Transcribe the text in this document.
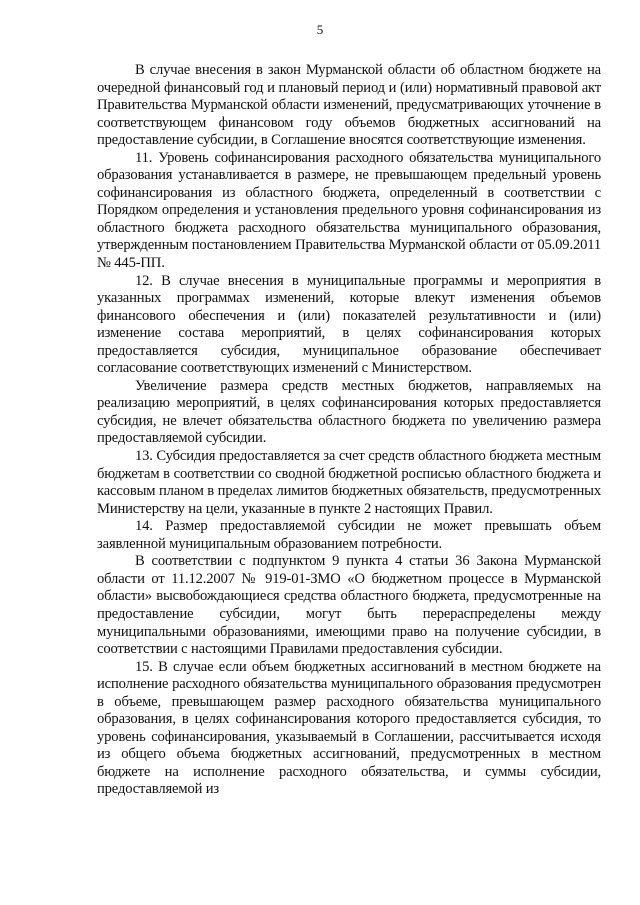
5

В случае внесения в закон Мурманской области об областном бюджете на очередной финансовый год и плановый период и (или) нормативный правовой акт Правительства Мурманской области изменений, предусматривающих уточнение в соответствующем финансовом году объемов бюджетных ассигнований на предоставление субсидии, в Соглашение вносятся соответствующие изменения.

11. Уровень софинансирования расходного обязательства муниципального образования устанавливается в размере, не превышающем предельный уровень софинансирования из областного бюджета, определенный в соответствии с Порядком определения и установления предельного уровня софинансирования из областного бюджета расходного обязательства муниципального образования, утвержденным постановлением Правительства Мурманской области от 05.09.2011 № 445-ПП.

12. В случае внесения в муниципальные программы и мероприятия в указанных программах изменений, которые влекут изменения объемов финансового обеспечения и (или) показателей результативности и (или) изменение состава мероприятий, в целях софинансирования которых предоставляется субсидия, муниципальное образование обеспечивает согласование соответствующих изменений с Министерством.

Увеличение размера средств местных бюджетов, направляемых на реализацию мероприятий, в целях софинансирования которых предоставляется субсидия, не влечет обязательства областного бюджета по увеличению размера предоставляемой субсидии.

13. Субсидия предоставляется за счет средств областного бюджета местным бюджетам в соответствии со сводной бюджетной росписью областного бюджета и кассовым планом в пределах лимитов бюджетных обязательств, предусмотренных Министерству на цели, указанные в пункте 2 настоящих Правил.

14. Размер предоставляемой субсидии не может превышать объем заявленной муниципальным образованием потребности.

В соответствии с подпунктом 9 пункта 4 статьи 36 Закона Мурманской области от 11.12.2007 № 919-01-ЗМО «О бюджетном процессе в Мурманской области» высвобождающиеся средства областного бюджета, предусмотренные на предоставление субсидии, могут быть перераспределены между муниципальными образованиями, имеющими право на получение субсидии, в соответствии с настоящими Правилами предоставления субсидии.

15. В случае если объем бюджетных ассигнований в местном бюджете на исполнение расходного обязательства муниципального образования предусмотрен в объеме, превышающем размер расходного обязательства муниципального образования, в целях софинансирования которого предоставляется субсидия, то уровень софинансирования, указываемый в Соглашении, рассчитывается исходя из общего объема бюджетных ассигнований, предусмотренных в местном бюджете на исполнение расходного обязательства, и суммы субсидии, предоставляемой из
